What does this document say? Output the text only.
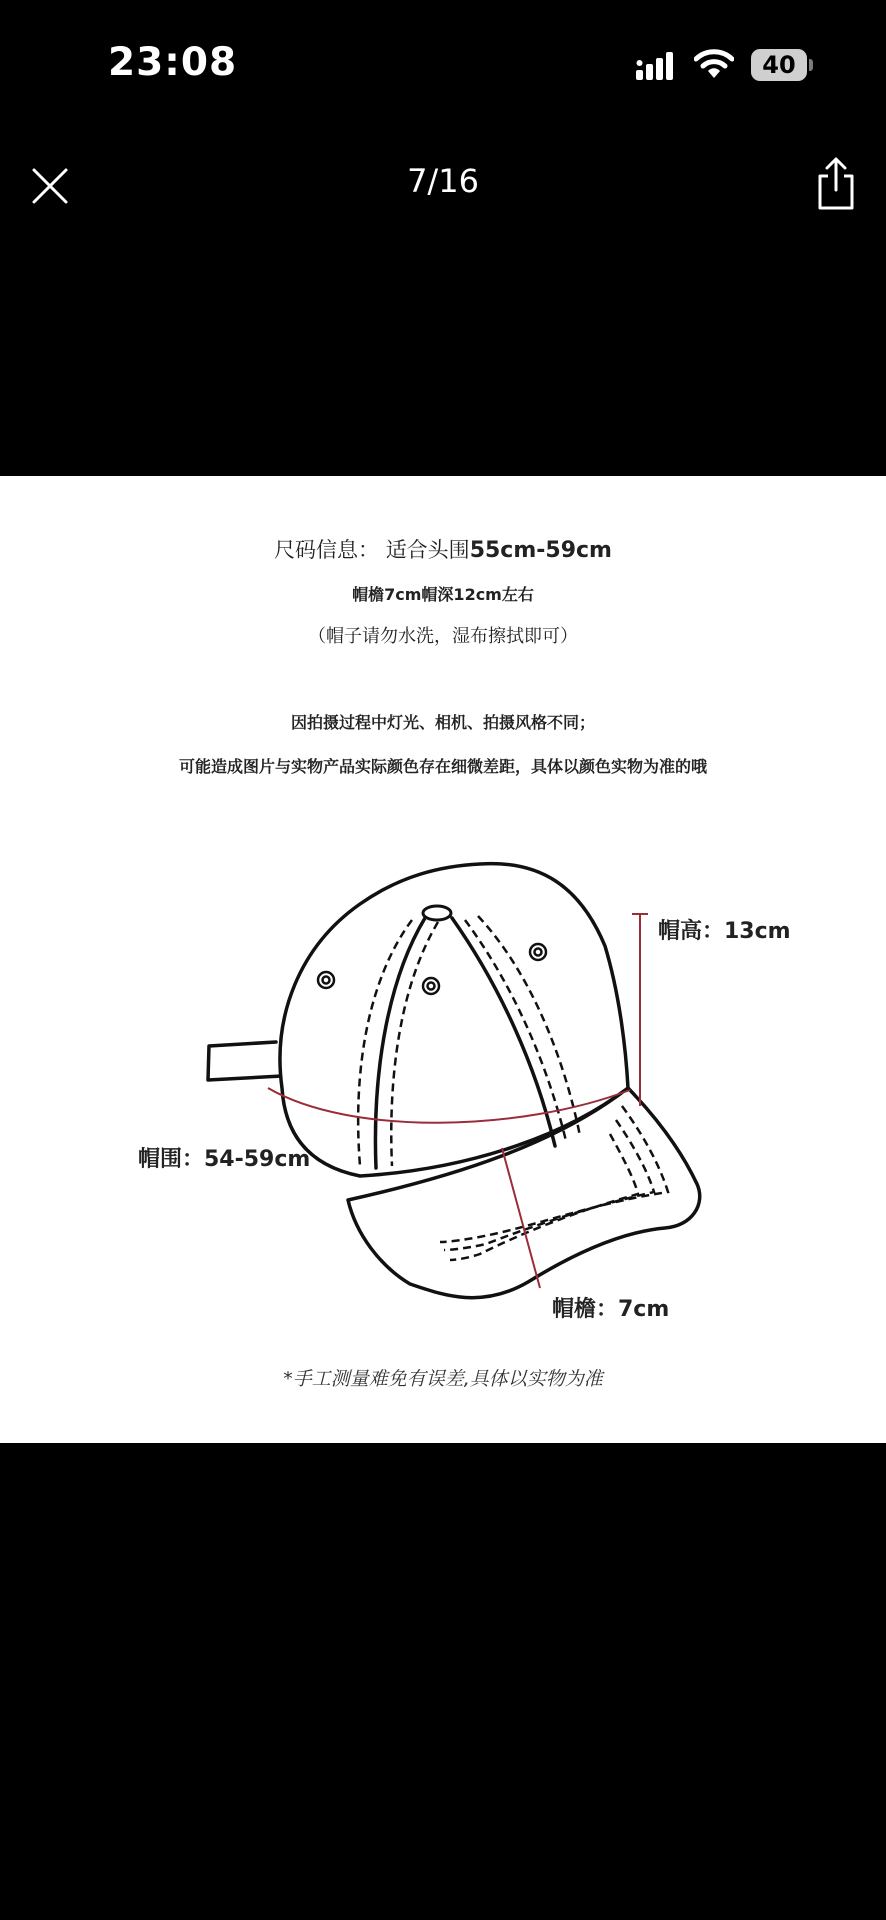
23:08	40
7/16
尺码信息： 适合头围55cm-59cm
帽檐7cm帽深12cm左右
（帽子请勿水洗，湿布擦拭即可）
因拍摄过程中灯光、相机、拍摄风格不同；
可能造成图片与实物产品实际颜色存在细微差距，具体以颜色实物为准的哦
帽高：13cm
帽围：54-59cm
帽檐：7cm
*手工测量难免有误差,具体以实物为准
